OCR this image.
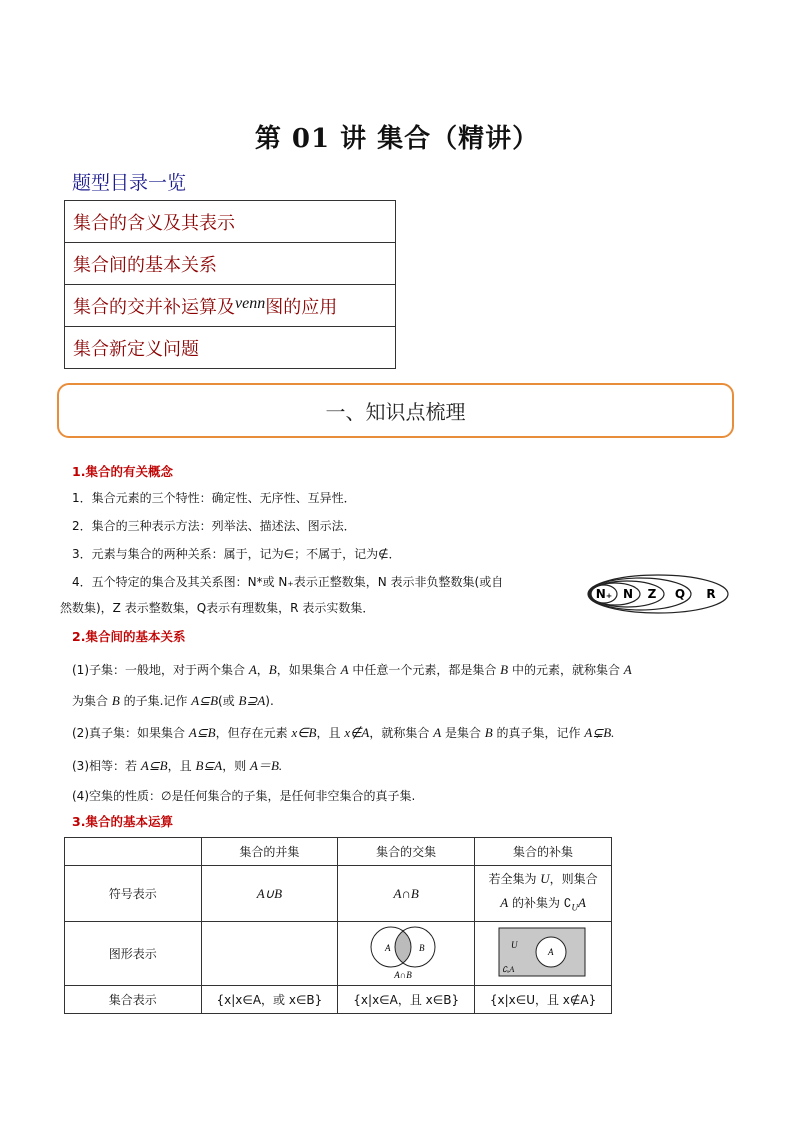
第 01 讲 集合（精讲）
题型目录一览
集合的含义及其表示
集合间的基本关系
集合的交并补运算及venn图的应用
集合新定义问题
一、知识点梳理
1.集合的有关概念
1．集合元素的三个特性：确定性、无序性、互异性．
2．集合的三种表示方法：列举法、描述法、图示法．
3．元素与集合的两种关系：属于，记为∈；不属于，记为∉．
4．五个特定的集合及其关系图：N*或 N₊表示正整数集，N 表示非负整数集(或自
然数集)，Z 表示整数集，Q表示有理数集，R 表示实数集．
N₊ N Z Q R
2.集合间的基本关系
(1)子集：一般地，对于两个集合 A，B，如果集合 A 中任意一个元素，都是集合 B 中的元素，就称集合 A
为集合 B 的子集.记作 A⊆B(或 B⊇A).
(2)真子集：如果集合 A⊆B，但存在元素 x∈B，且 x∉A，就称集合 A 是集合 B 的真子集，记作 A⊊B.
(3)相等：若 A⊆B，且 B⊆A，则 A＝B.
(4)空集的性质：∅是任何集合的子集，是任何非空集合的真子集.
3.集合的基本运算
	集合的并集	集合的交集	集合的补集
符号表示	A∪B	A∩B	若全集为 U，则集合
A 的补集为 $∁_UA$

图形表示		A B
A∩B	U
A
∁ᵤA

集合表示	{x|x∈A，或 x∈B}	{x|x∈A，且 x∈B}	{x|x∈U，且 x∉A}
